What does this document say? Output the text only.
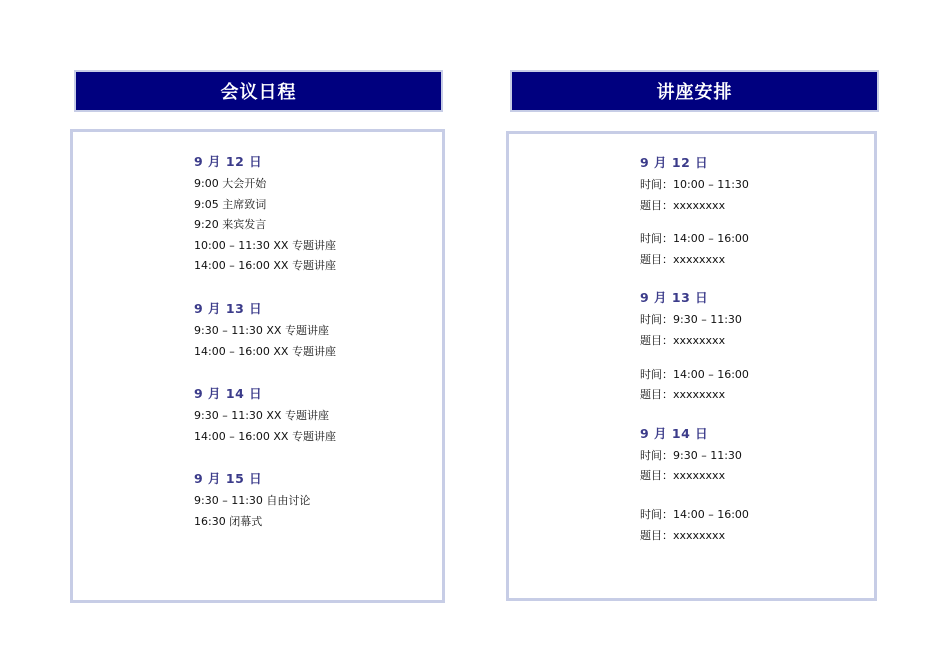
会议日程	讲座安排
9 月 12 日
9:00 大会开始
9:05 主席致词
9:20 来宾发言
10:00 – 11:30 XX 专题讲座
14:00 – 16:00 XX 专题讲座
9 月 13 日
9:30 – 11:30 XX 专题讲座
14:00 – 16:00 XX 专题讲座
9 月 14 日
9:30 – 11:30 XX 专题讲座
14:00 – 16:00 XX 专题讲座
9 月 15 日
9:30 – 11:30 自由讨论
16:30 闭幕式
9 月 12 日
时间：10:00 – 11:30
题目：xxxxxxxx
时间：14:00 – 16:00
题目：xxxxxxxx
9 月 13 日
时间：9:30 – 11:30
题目：xxxxxxxx
时间：14:00 – 16:00
题目：xxxxxxxx
9 月 14 日
时间：9:30 – 11:30
题目：xxxxxxxx
时间：14:00 – 16:00
题目：xxxxxxxx
